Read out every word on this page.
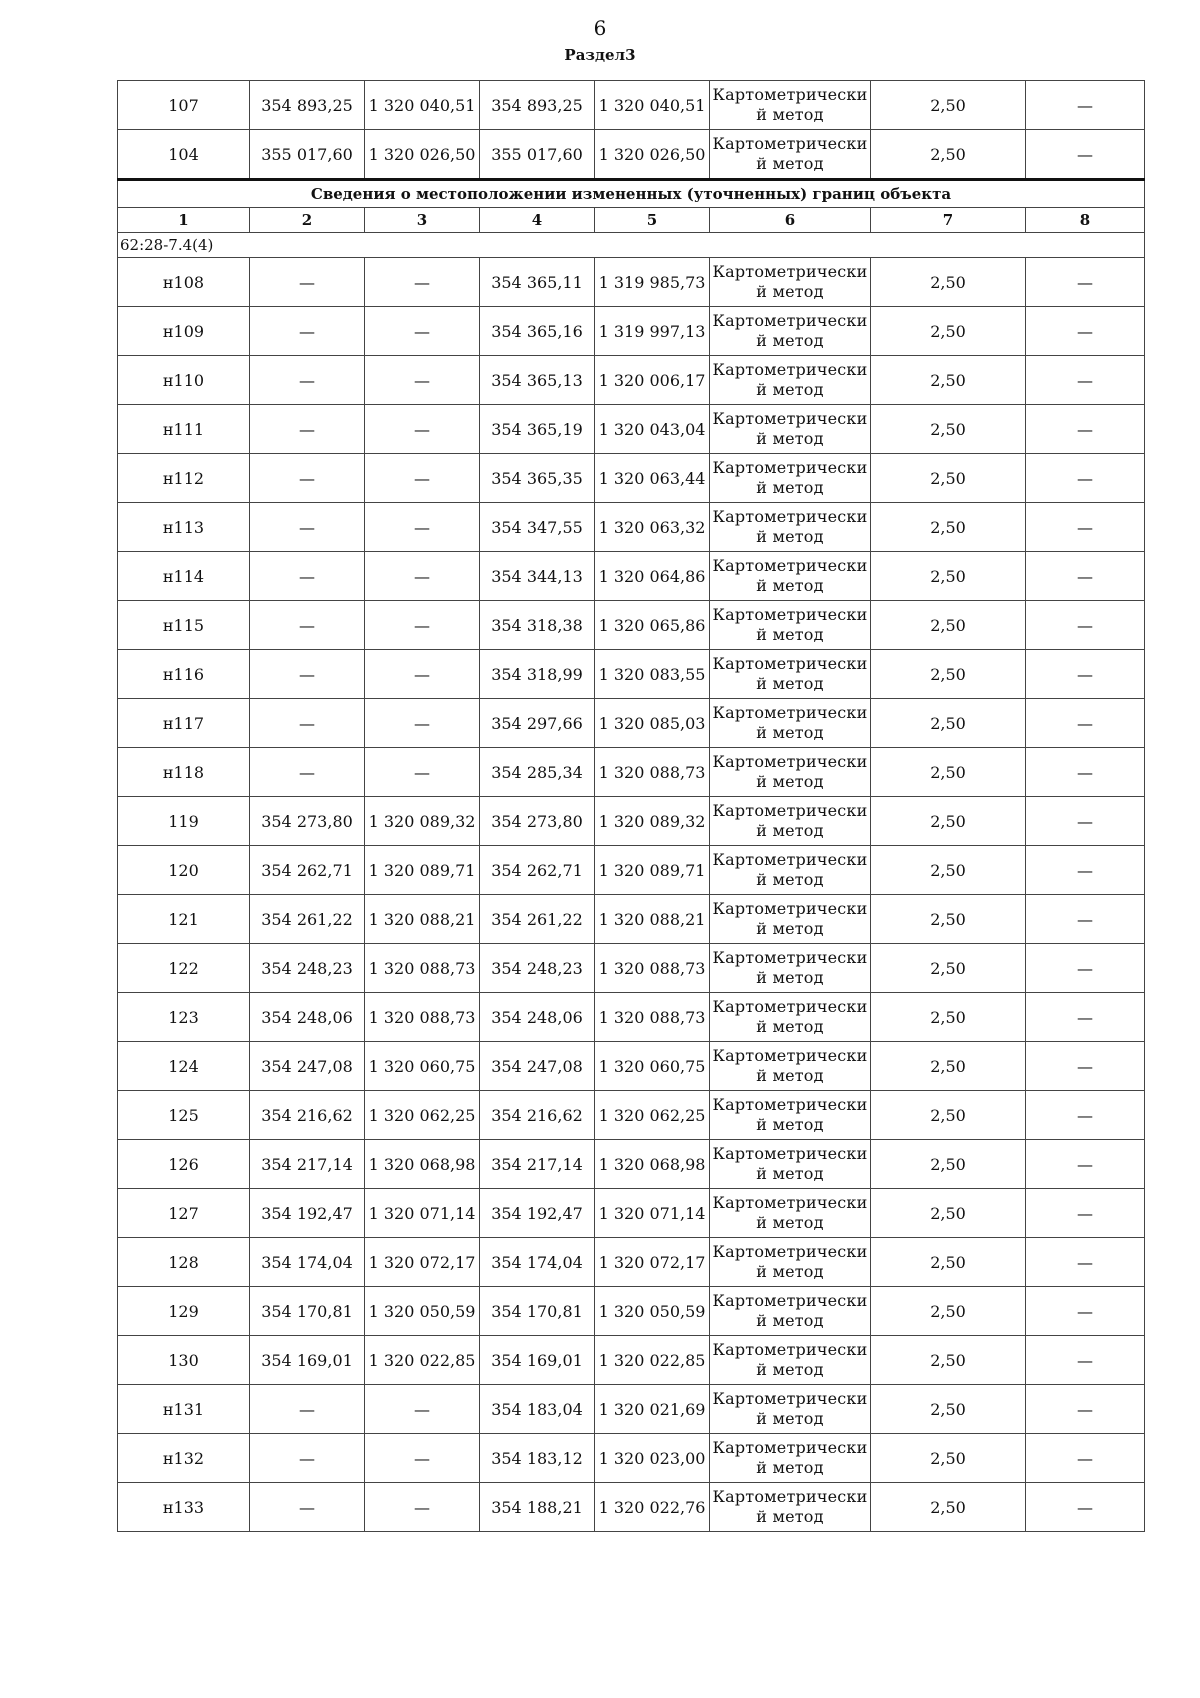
6
Раздел3
107	354 893,25	1 320 040,51	354 893,25	1 320 040,51	Картометрически
й метод	2,50	—
104	355 017,60	1 320 026,50	355 017,60	1 320 026,50	Картометрически
й метод	2,50	—
Сведения о местоположении измененных (уточненных) границ объекта							
1	2	3	4	5	6	7	8
62:28-7.4(4)							
н108	—	—	354 365,11	1 319 985,73	Картометрически
й метод	2,50	—
н109	—	—	354 365,16	1 319 997,13	Картометрически
й метод	2,50	—
н110	—	—	354 365,13	1 320 006,17	Картометрически
й метод	2,50	—
н111	—	—	354 365,19	1 320 043,04	Картометрически
й метод	2,50	—
н112	—	—	354 365,35	1 320 063,44	Картометрически
й метод	2,50	—
н113	—	—	354 347,55	1 320 063,32	Картометрически
й метод	2,50	—
н114	—	—	354 344,13	1 320 064,86	Картометрически
й метод	2,50	—
н115	—	—	354 318,38	1 320 065,86	Картометрически
й метод	2,50	—
н116	—	—	354 318,99	1 320 083,55	Картометрически
й метод	2,50	—
н117	—	—	354 297,66	1 320 085,03	Картометрически
й метод	2,50	—
н118	—	—	354 285,34	1 320 088,73	Картометрически
й метод	2,50	—
119	354 273,80	1 320 089,32	354 273,80	1 320 089,32	Картометрически
й метод	2,50	—
120	354 262,71	1 320 089,71	354 262,71	1 320 089,71	Картометрически
й метод	2,50	—
121	354 261,22	1 320 088,21	354 261,22	1 320 088,21	Картометрически
й метод	2,50	—
122	354 248,23	1 320 088,73	354 248,23	1 320 088,73	Картометрически
й метод	2,50	—
123	354 248,06	1 320 088,73	354 248,06	1 320 088,73	Картометрически
й метод	2,50	—
124	354 247,08	1 320 060,75	354 247,08	1 320 060,75	Картометрически
й метод	2,50	—
125	354 216,62	1 320 062,25	354 216,62	1 320 062,25	Картометрически
й метод	2,50	—
126	354 217,14	1 320 068,98	354 217,14	1 320 068,98	Картометрически
й метод	2,50	—
127	354 192,47	1 320 071,14	354 192,47	1 320 071,14	Картометрически
й метод	2,50	—
128	354 174,04	1 320 072,17	354 174,04	1 320 072,17	Картометрически
й метод	2,50	—
129	354 170,81	1 320 050,59	354 170,81	1 320 050,59	Картометрически
й метод	2,50	—
130	354 169,01	1 320 022,85	354 169,01	1 320 022,85	Картометрически
й метод	2,50	—
н131	—	—	354 183,04	1 320 021,69	Картометрически
й метод	2,50	—
н132	—	—	354 183,12	1 320 023,00	Картометрически
й метод	2,50	—
н133	—	—	354 188,21	1 320 022,76	Картометрически
й метод	2,50	—
